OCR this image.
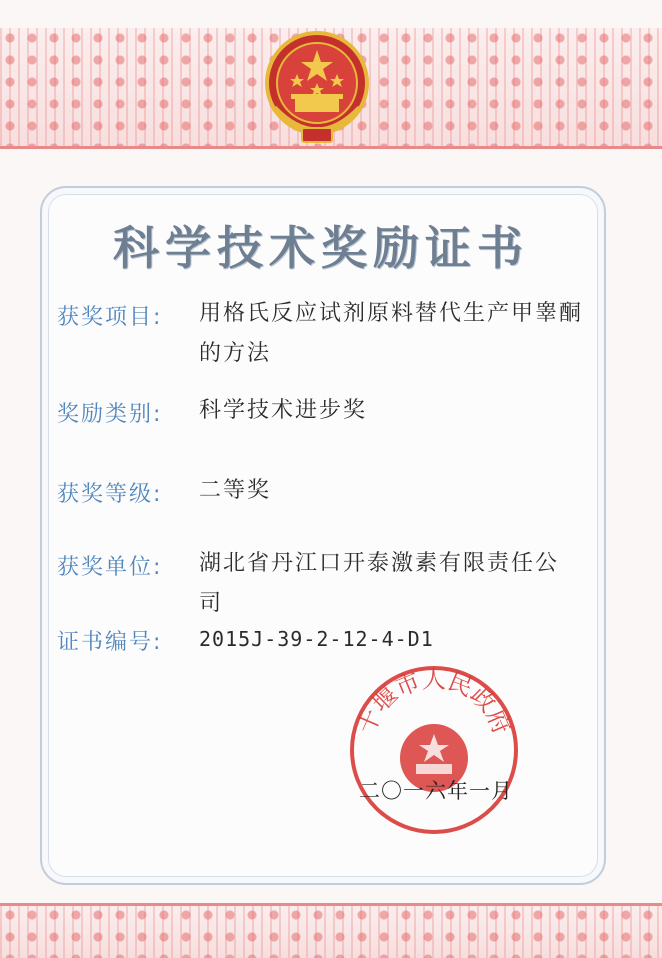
科学技术奖励证书
获奖项目:	用格氏反应试剂原料替代生产甲睾酮的方法
奖励类别:	科学技术进步奖
获奖等级:	二等奖
获奖单位:	湖北省丹江口开泰激素有限责任公司
证书编号:	2015J-39-2-12-4-D1
十堰市人民政府
二〇一六年一月
